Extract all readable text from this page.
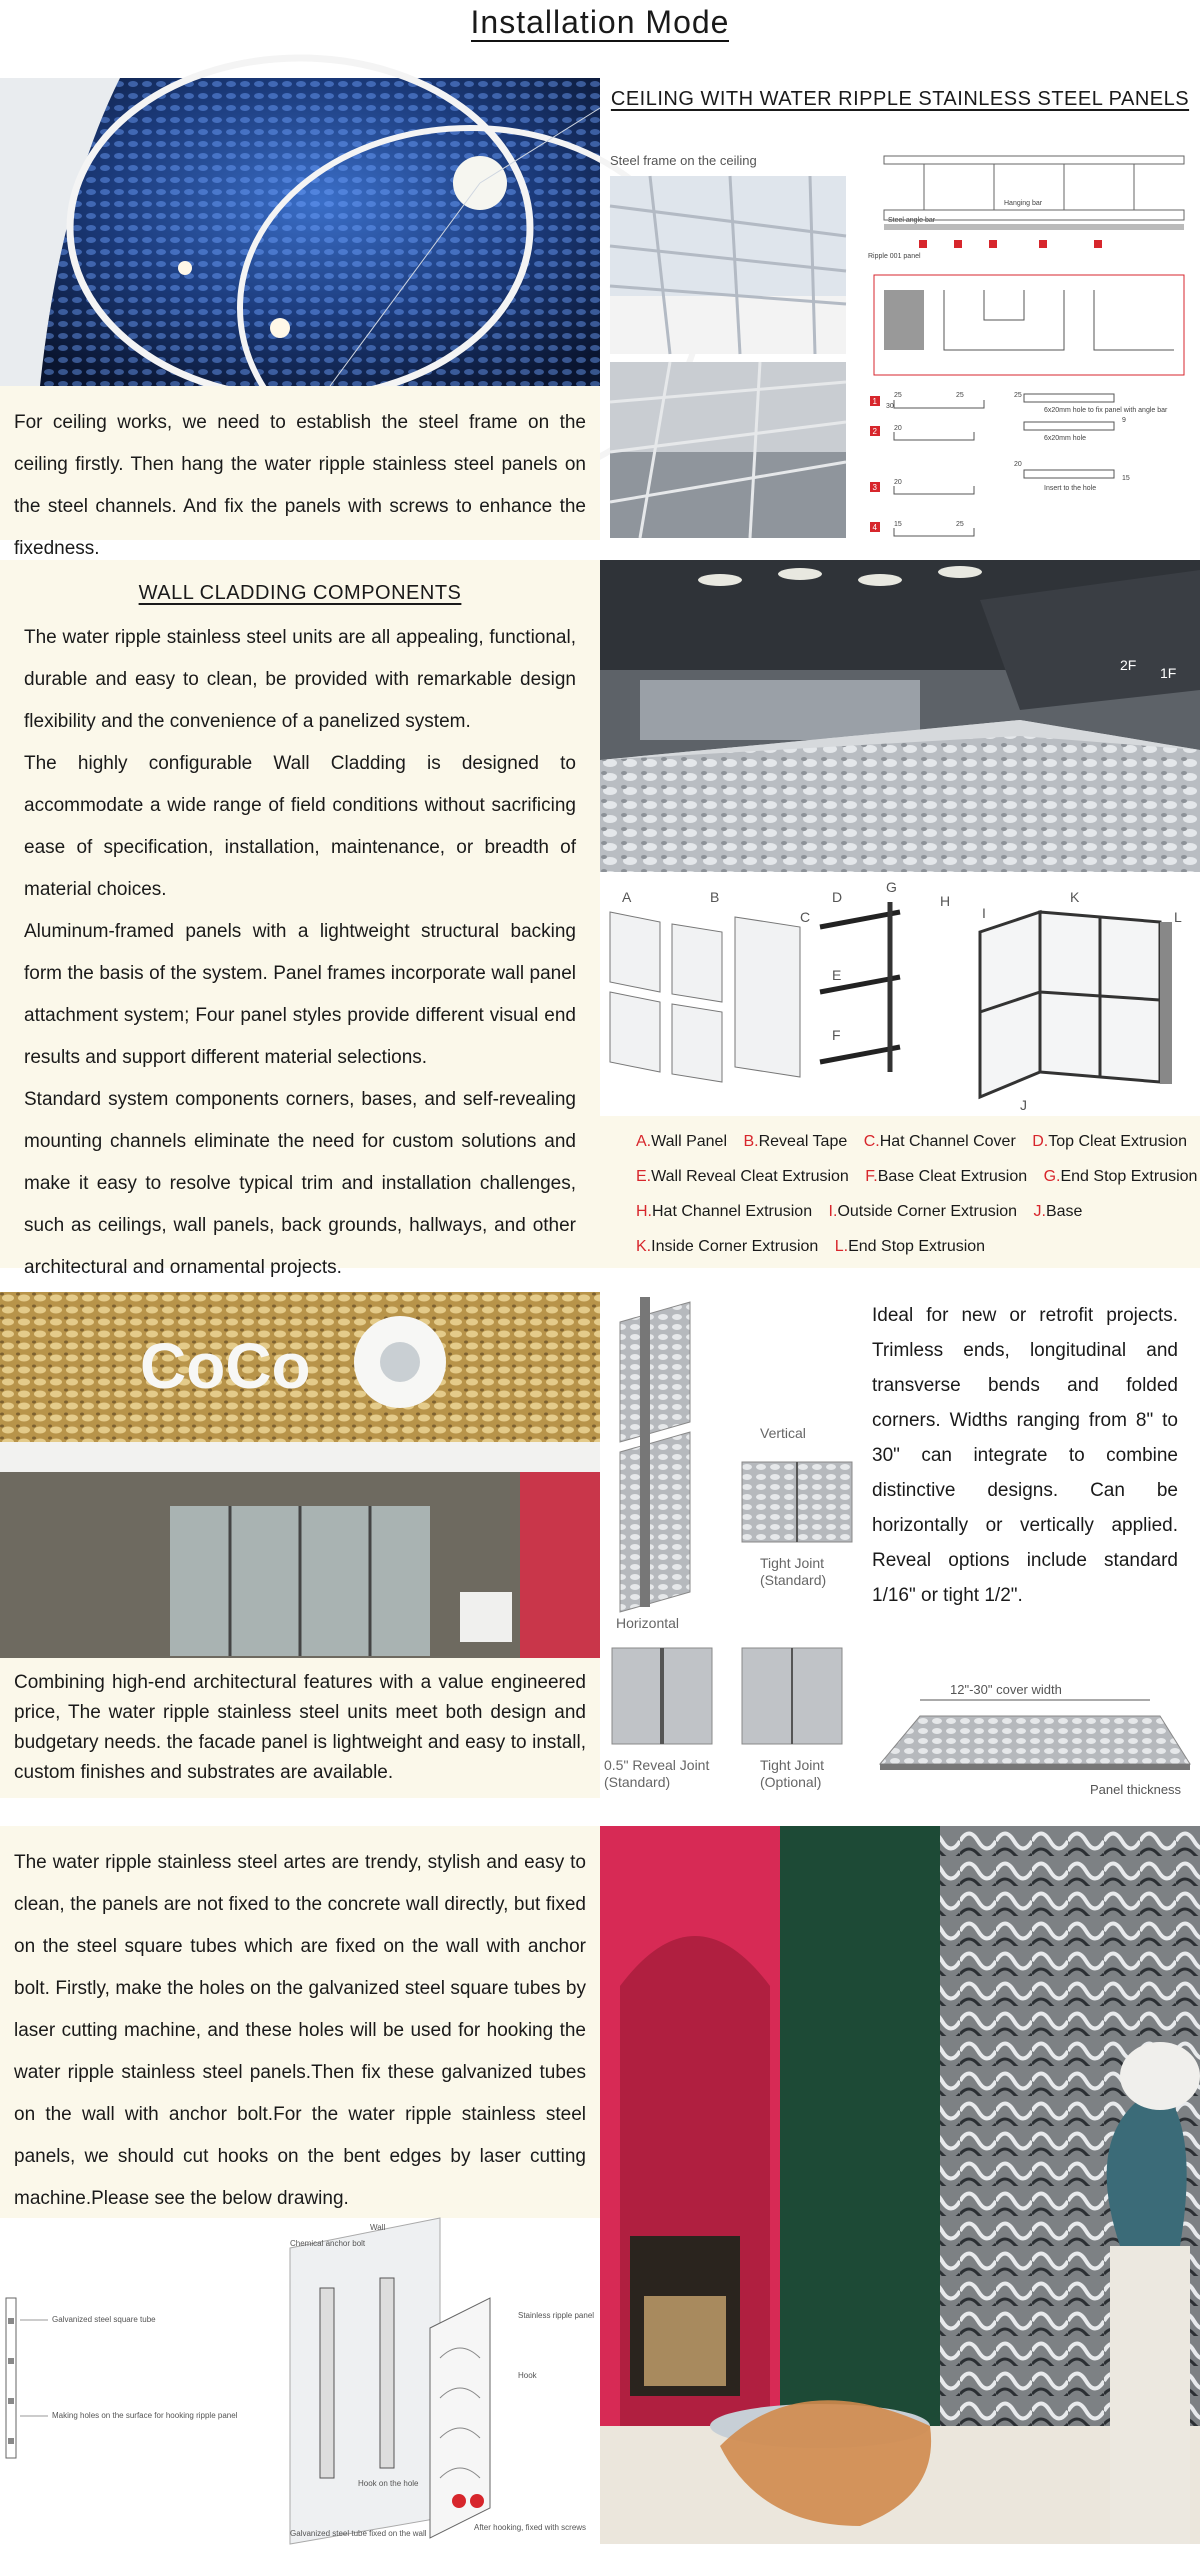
Installation Mode

For ceiling works, we need to establish the steel frame on the ceiling firstly. Then hang the water ripple stainless steel panels on the steel channels. And fix the panels with screws to enhance the fixedness.

CEILING WITH WATER RIPPLE STAINLESS STEEL PANELS
Steel frame on the ceiling
Hanging bar
Steel angle bar
Ripple 001 panel
1
2
3
4
25
30
25	25
20
9
20
15
20
15	25
6x20mm hole to fix panel with angle bar
6x20mm hole
Insert to the hole
WALL CLADDING COMPONENTS

The water ripple stainless steel units are all appealing, functional, durable and easy to clean, be provided with remarkable design flexibility and the convenience of a panelized system.

The highly configurable Wall Cladding is designed to accommodate a wide range of field conditions without sacrificing ease of specification, installation, maintenance, or breadth of material choices.

Aluminum-framed panels with a lightweight structural backing form the basis of the system. Panel frames incorporate wall panel attachment system; Four panel styles provide different visual end results and support different material selections.

Standard system components corners, bases, and self-revealing mounting channels eliminate the need for custom solutions and make it easy to resolve typical trim and installation challenges, such as ceilings, wall panels, back grounds, hallways, and other architectural and ornamental projects.

2F 1F
A	B
C
D
G
H
I
K
L
E
F
J
A.Wall Panel B.Reveal Tape C.Hat Channel Cover D.Top Cleat Extrusion
E.Wall Reveal Cleat Extrusion F.Base Cleat Extrusion G.End Stop Extrusion
H.Hat Channel Extrusion I.Outside Corner Extrusion J.Base
K.Inside Corner Extrusion L.End Stop Extrusion
CoCo

Combining high-end architectural features with a value engineered price, The water ripple stainless steel units meet both design and budgetary needs. the facade panel is lightweight and easy to install, custom finishes and substrates are available.

Vertical
Tight Joint (Standard)
Horizontal
0.5" Reveal Joint (Standard)
Tight Joint (Optional)

Ideal for new or retrofit projects. Trimless ends, longitudinal and transverse bends and folded corners. Widths ranging from 8" to 30" can integrate to combine distinctive designs. Can be horizontally or vertically applied. Reveal options include standard 1/16" or tight 1/2".

12"-30" cover width
Panel thickness

The water ripple stainless steel artes are trendy, stylish and easy to clean, the panels are not fixed to the concrete wall directly, but fixed on the steel square tubes which are fixed on the wall with anchor bolt. Firstly, make the holes on the galvanized steel square tubes by laser cutting machine, and these holes will be used for hooking the water ripple stainless steel panels.Then fix these galvanized tubes on the wall with anchor bolt.For the water ripple stainless steel panels, we should cut hooks on the bent edges by laser cutting machine.Please see the below drawing.

Galvanized steel square tube
Making holes on the surface for hooking ripple panel
Wall
Chemical anchor bolt
Stainless ripple panel
Hook
Hook on the hole
Galvanized steel tube fixed on the wall
After hooking, fixed with screws
